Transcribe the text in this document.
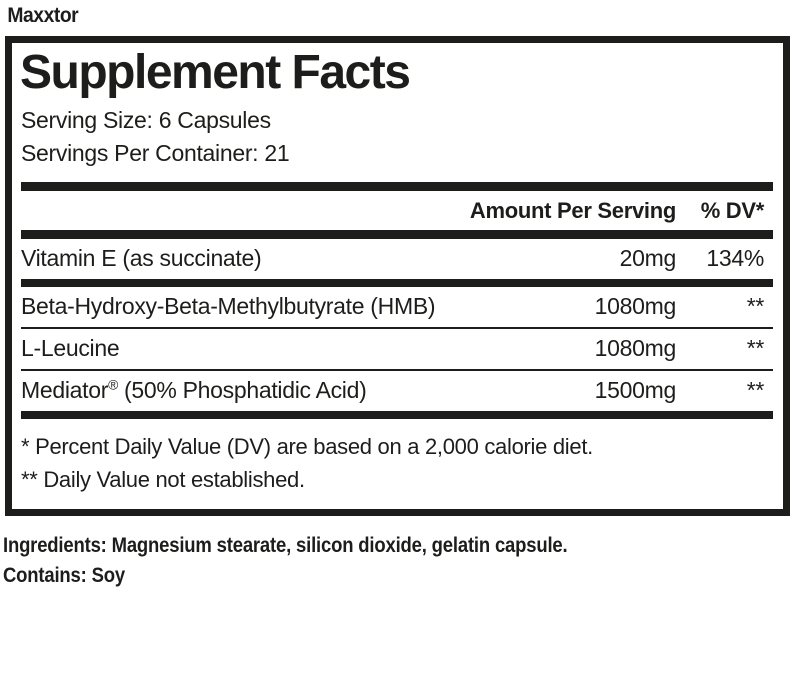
Maxxtor
Supplement Facts
Serving Size: 6 Capsules
Servings Per Container: 21
Amount Per Serving	% DV*
Vitamin E (as succinate)	20mg	134%
Beta-Hydroxy-Beta-Methylbutyrate (HMB)	1080mg	**
L-Leucine	1080mg	**
Mediator® (50% Phosphatidic Acid)	1500mg	**
* Percent Daily Value (DV) are based on a 2,000 calorie diet.
** Daily Value not established.
Ingredients: Magnesium stearate, silicon dioxide, gelatin capsule.
Contains: Soy
